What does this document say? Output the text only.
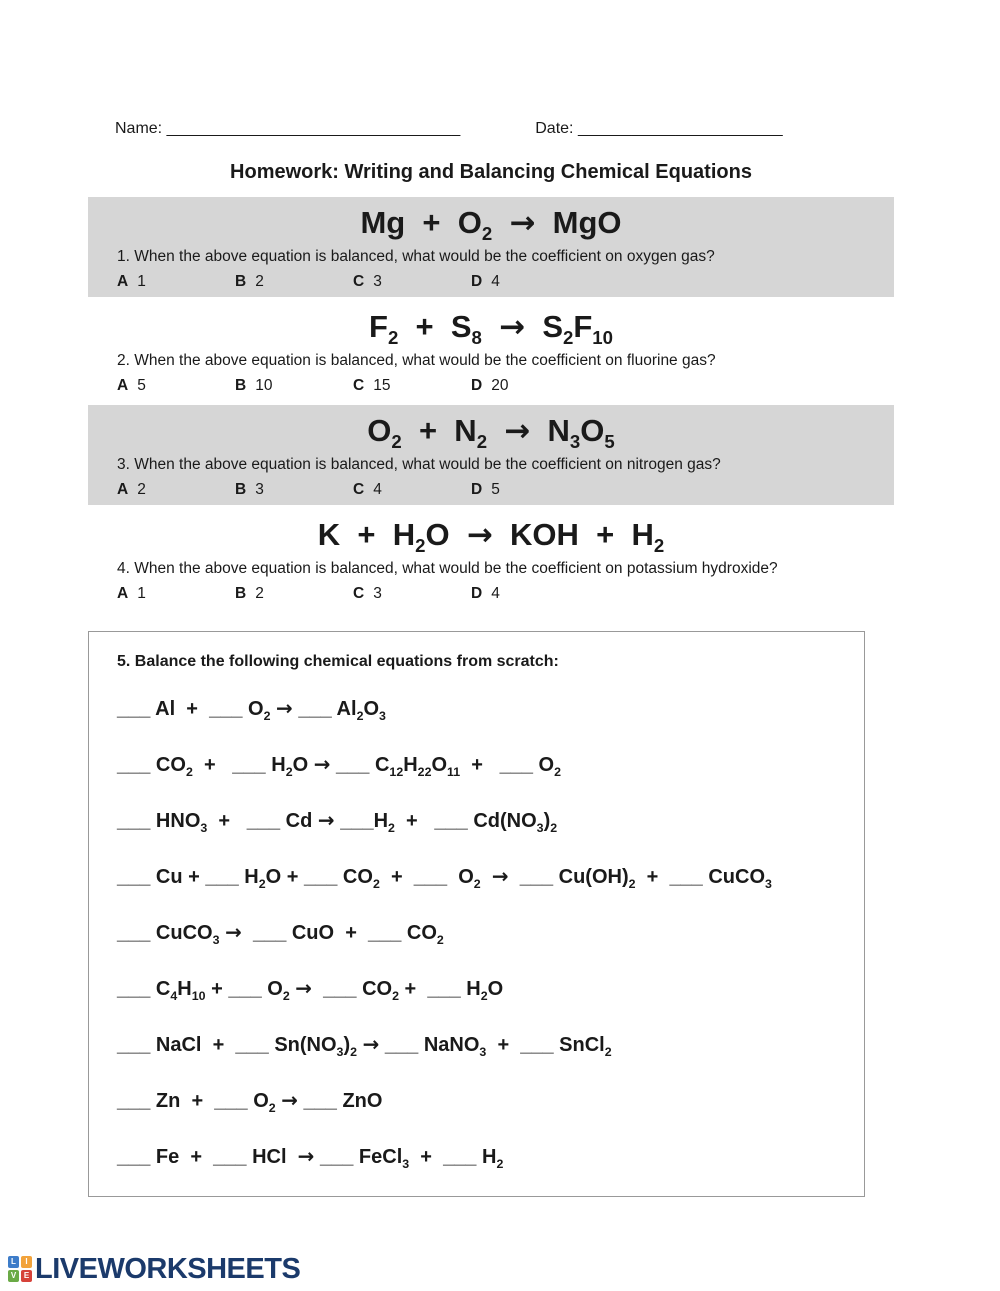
Name:
_________________________________	Date:
_______________________
Homework: Writing and Balancing Chemical Equations
$Mg + O_2$ →  MgO
1. When the above equation is balanced, what would be the coefficient on oxygen gas?
A 1	B 2	C 3	D 4
$F_2 + S_8 \to S_2F_{10}$
2. When the above equation is balanced, what would be the coefficient on fluorine gas?
A 5	B 10	C 15	D 20
$O_2 + N_2 \to N_3O_5$
3. When the above equation is balanced, what would be the coefficient on nitrogen gas?
A 2	B 3	C 4	D 5
$K + H_2O$  →  KOH  +  $H_2$
4. When the above equation is balanced, what would be the coefficient on potassium hydroxide?
A 1	B 2	C 3	D 4
5. Balance the following chemical equations from scratch:
___ Al  +  ___ $O_2$ → ___ $Al_2O_3$
___ $CO_2$  +   ___ $H_2O$ → ___ $C_{12}H_{22}O_{11}$  +   ___ $O_2$
___ $HNO_3$  +   ___ $Cd \to \_\_\_H_2$  +   ___ $Cd(NO_3)_2$
___ Cu + ___ $H_2O$ + ___ $CO_2$  +  ___  $O_2$ →  ___ $Cu(OH)_2$  +  ___ CuCO$_3$
___ CuCO$_3$ →  ___ CuO  +  ___ $CO_2$
___ $C_4H_{10}$ + ___ $O_2$ →  ___ $CO_2$ +  ___ $H_2O$
___ NaCl  +  ___ $Sn(NO_3)_2$ → ___ NaNO$_3$  +  ___ SnCl$_2$
___ Zn  +  ___ $O_2$ → ___ ZnO
___ Fe  +  ___ HCl  → ___ FeCl$_3$  +  ___ $H_2$
L	I
V E LIVEWORKSHEETS
